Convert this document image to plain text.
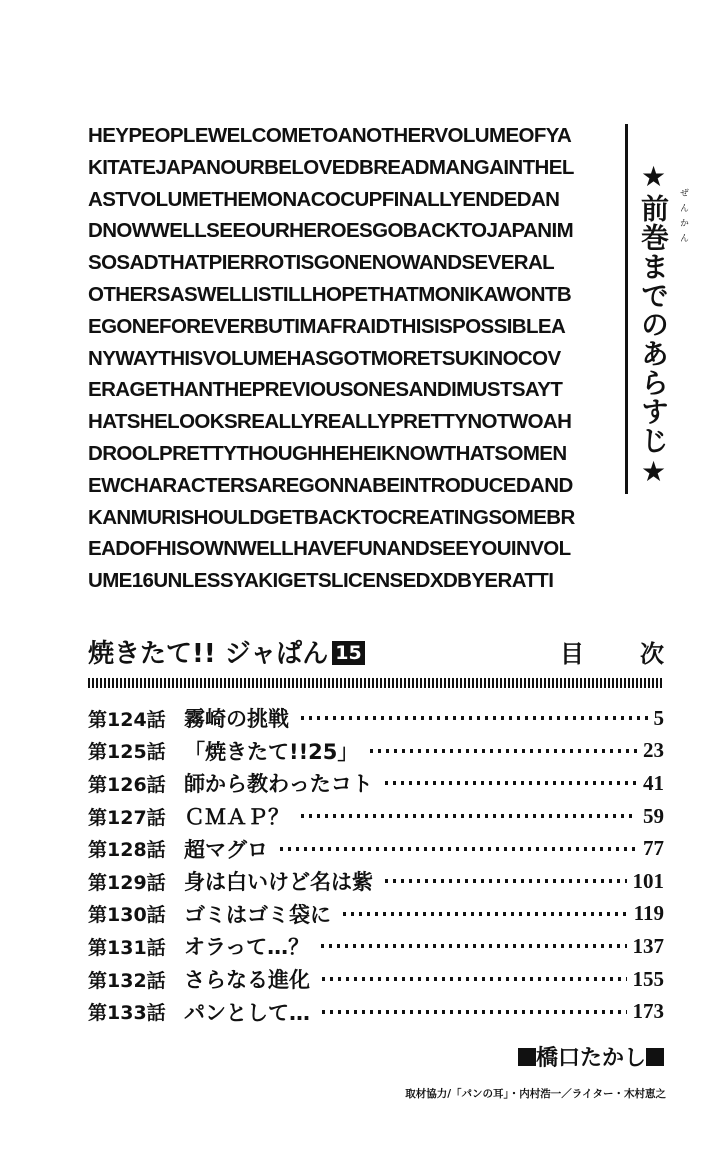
HEYPEOPLEWELCOMETOANOTHERVOLUMEOFYA
KITATEJAPANOURBELOVEDBREADMANGAINTHEL
ASTVOLUMETHEMONACOCUPFINALLYENDEDAN
DNOWWELLSEEOURHEROESGOBACKTOJAPANIM
SOSADTHATPIERROTISGONENOWANDSEVERAL
OTHERSASWELLISTILLHOPETHATMONIKAWONTB
EGONEFOREVERBUTIMAFRAIDTHISISPOSSIBLEA
NYWAYTHISVOLUMEHASGOTMORETSUKINOCOV
ERAGETHANTHEPREVIOUSONESANDIMUSTSAYT
HATSHELOOKSREALLYREALLYPRETTYNOTWOAH
DROOLPRETTYTHOUGHHEHEIKNOWTHATSOMEN
EWCHARACTERSAREGONNABEINTRODUCEDAND
KANMURISHOULDGETBACKTOCREATINGSOMEBR
EADOFHISOWNWELLHAVEFUNANDSEEYOUINVOL
UME16UNLESSYAKIGETSLICENSEDXDBYERATTI
★前巻までのあらすじ★ ぜんかん
焼きたて!! ジャぱん 15	目 次
第124話 霧崎の挑戦	5
第125話 「焼きたて!!25」	23
第126話 師から教わったコト	41
第127話 ＣＭＡＰ？	59
第128話 超マグロ	77
第129話 身は白いけど名は紫	101
第130話 ゴミはゴミ袋に	119
第131話 オラって…？	137
第132話 さらなる進化	155
第133話 パンとして…	173
橋口たかし
取材協力/「パンの耳」・内村浩一／ライター・木村恵之
